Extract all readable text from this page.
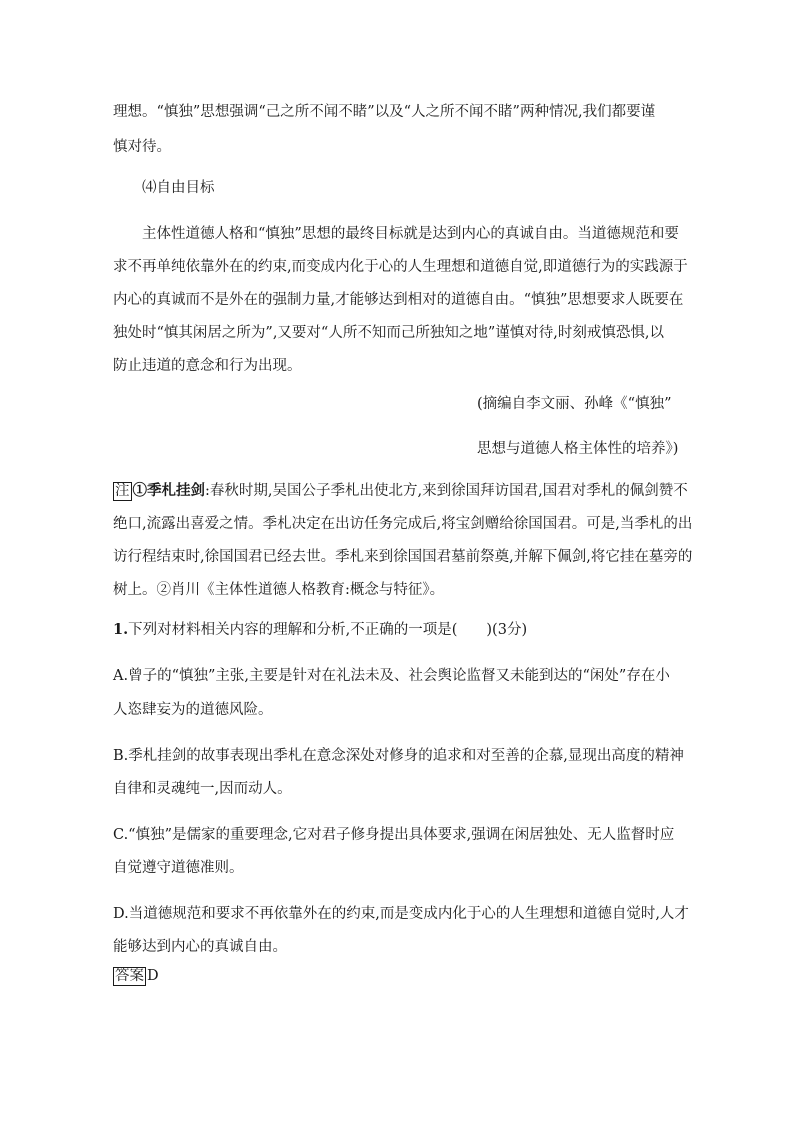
理想。“慎独”思想强调“己之所不闻不睹”以及“人之所不闻不睹”两种情况,我们都要谨
慎对待。
⑷自由目标
主体性道德人格和“慎独”思想的最终目标就是达到内心的真诚自由。当道德规范和要
求不再单纯依靠外在的约束,而变成内化于心的人生理想和道德自觉,即道德行为的实践源于
内心的真诚而不是外在的强制力量,才能够达到相对的道德自由。“慎独”思想要求人既要在
独处时“慎其闲居之所为”,又要对“人所不知而己所独知之地”谨慎对待,时刻戒慎恐惧,以
防止违道的意念和行为出现。
(摘编自李文丽、孙峰《“慎独”
思想与道德人格主体性的培养》)
绝口,流露出喜爱之情。季札决定在出访任务完成后,将宝剑赠给徐国国君。可是,当季札的出
访行程结束时,徐国国君已经去世。季札来到徐国国君墓前祭奠,并解下佩剑,将它挂在墓旁的
树上。②肖川《主体性道德人格教育:概念与特征》。
A.曾子的“慎独”主张,主要是针对在礼法未及、社会舆论监督又未能到达的“闲处”存在小
人恣肆妄为的道德风险。
B.季札挂剑的故事表现出季札在意念深处对修身的追求和对至善的企慕,显现出高度的精神
自律和灵魂纯一,因而动人。
C.“慎独”是儒家的重要理念,它对君子修身提出具体要求,强调在闲居独处、无人监督时应
自觉遵守道德准则。
D.当道德规范和要求不再依靠外在的约束,而是变成内化于心的人生理想和道德自觉时,人才
能够达到内心的真诚自由。
注 ①季札挂剑:春秋时期,吴国公子季札出使北方,来到徐国拜访国君,国君对季札的佩剑赞不
1.下列对材料相关内容的理解和分析,不正确的一项是(　　)(3分)
答案 D
